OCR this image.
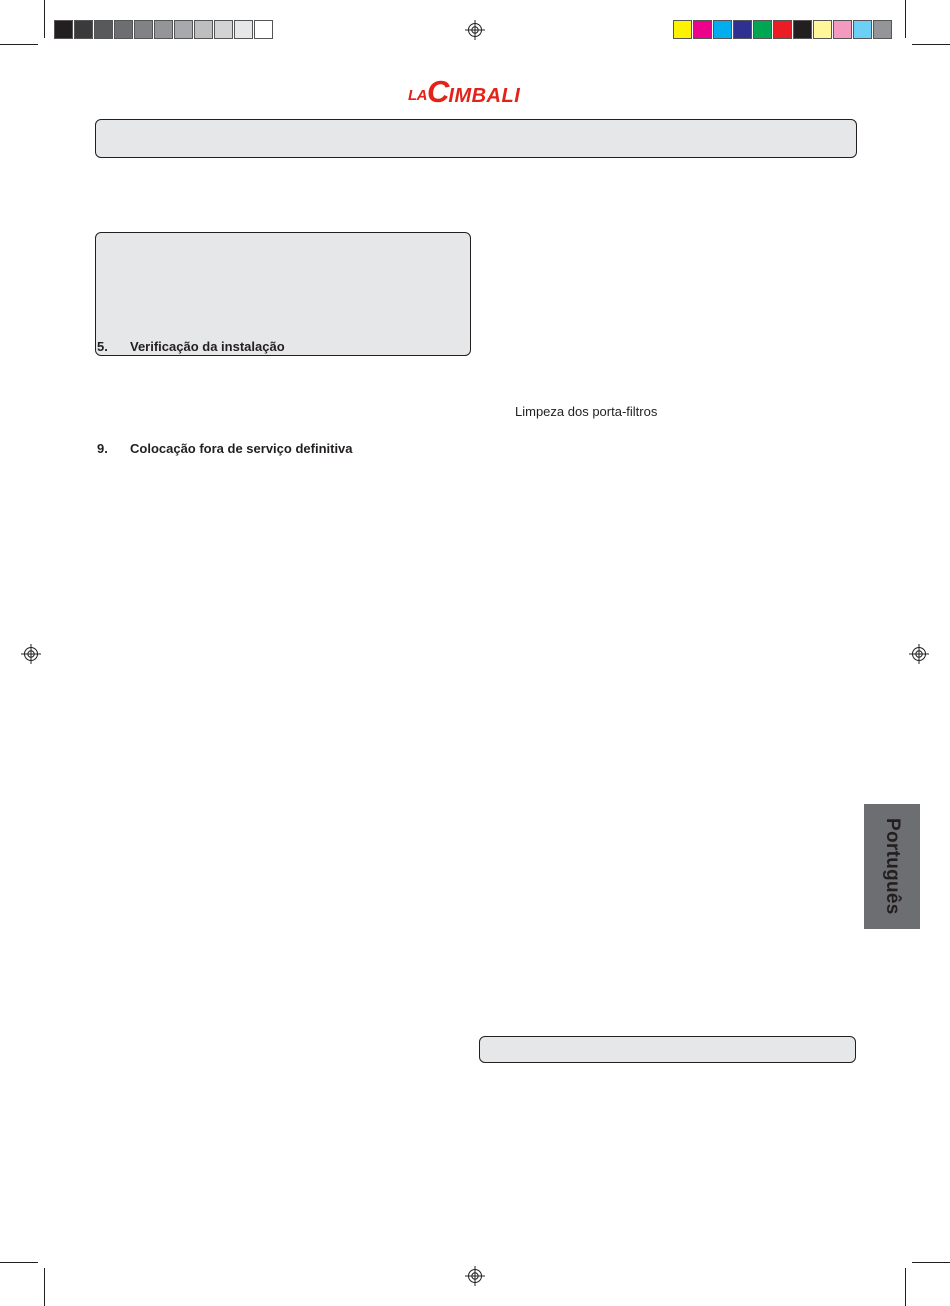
LACIMBALI
5. Verificação da instalação
Limpeza dos porta-filtros
9. Colocação fora de serviço definitiva
Português
